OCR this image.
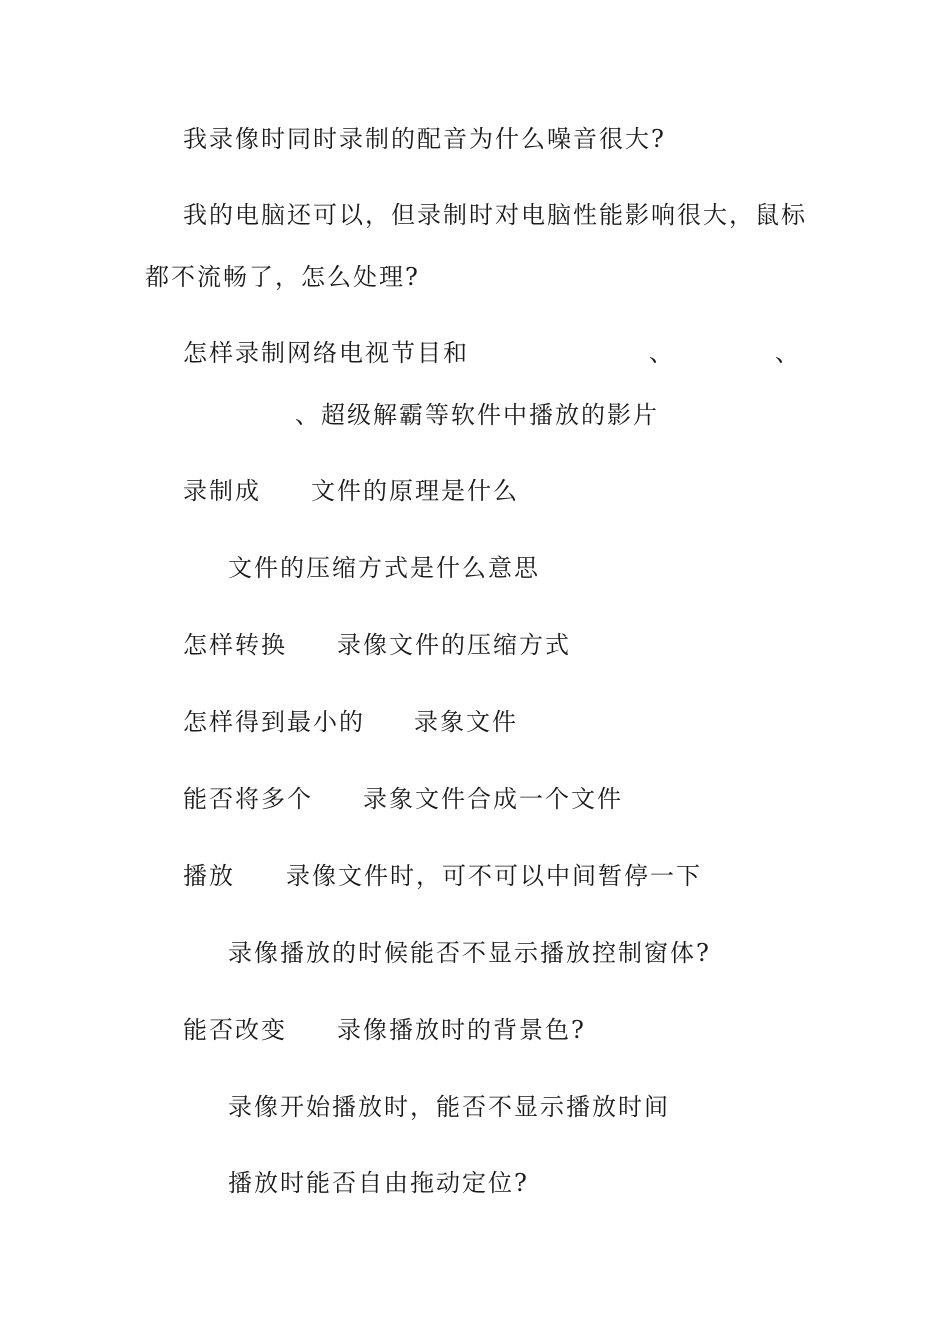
我录像时同时录制的配音为什么噪音很大?
我的电脑还可以，但录制时对电脑性能影响很大，鼠标
都不流畅了，怎么处理?
怎样录制网络电视节目和	、	、
、超级解霸等软件中播放的影片
录制成 文件的原理是什么
文件的压缩方式是什么意思
怎样转换 录像文件的压缩方式
怎样得到最小的 录象文件
能否将多个 录象文件合成一个文件
播放 录像文件时，可不可以中间暂停一下
录像播放的时候能否不显示播放控制窗体?
能否改变 录像播放时的背景色?
录像开始播放时，能否不显示播放时间
播放时能否自由拖动定位?
